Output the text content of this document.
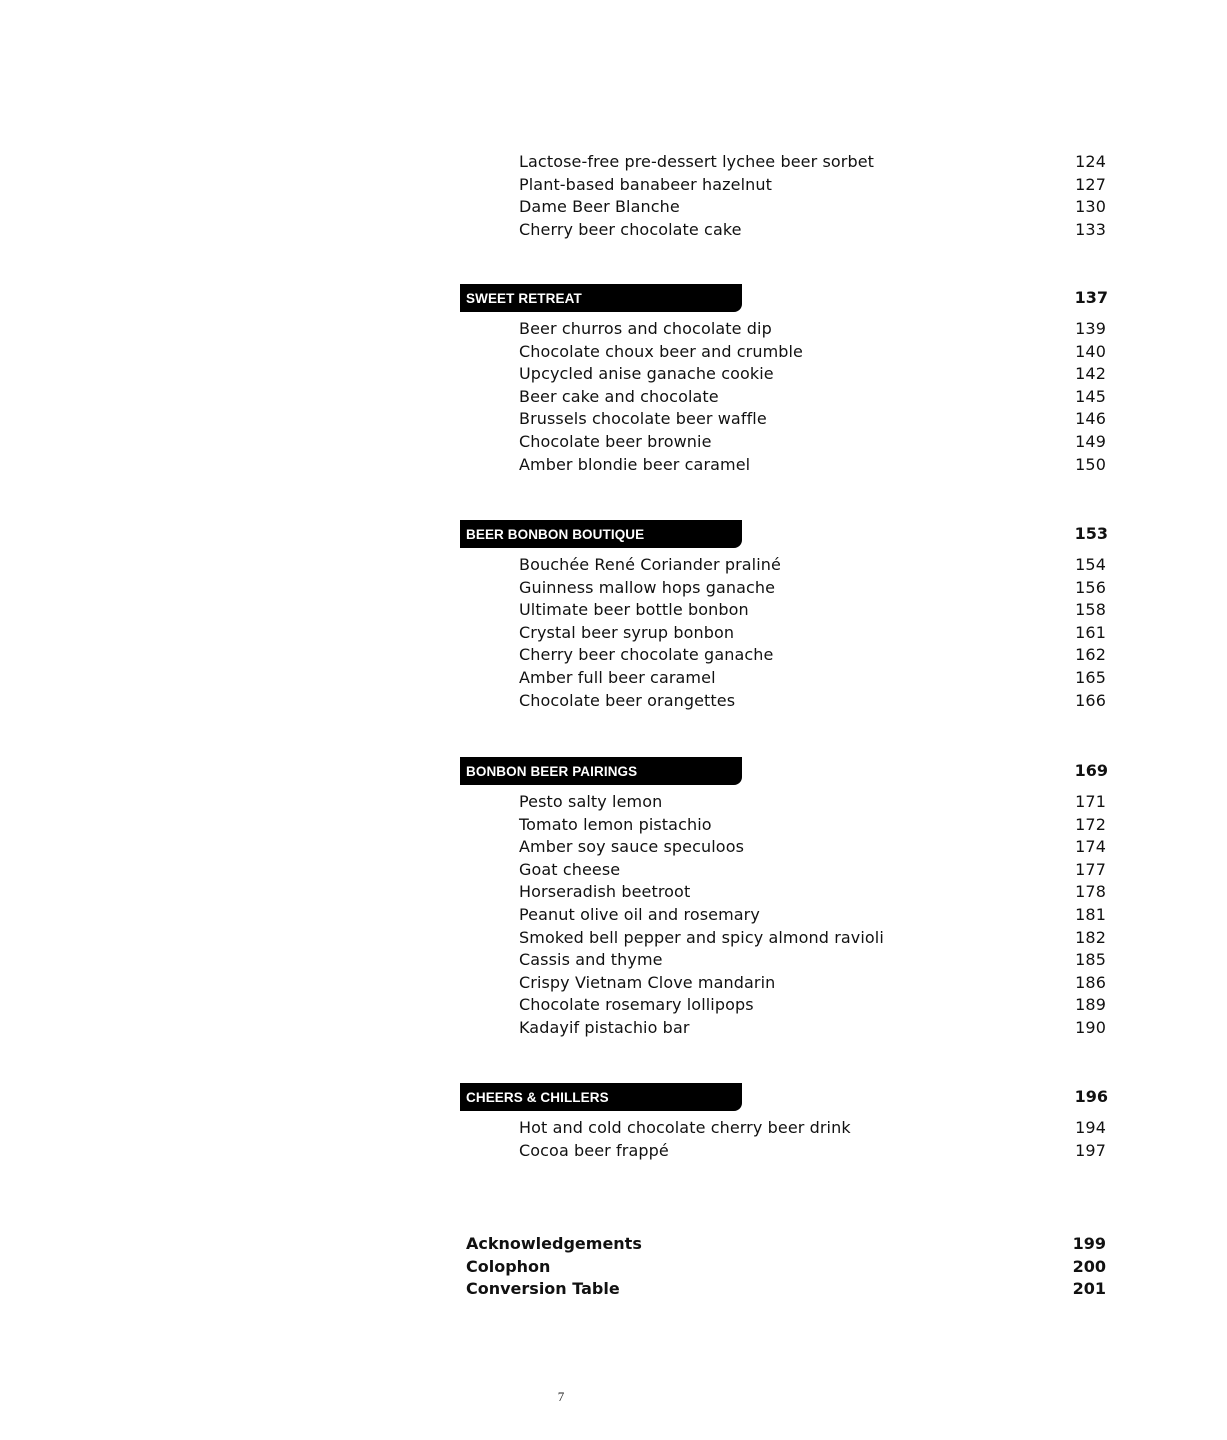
Lactose-free pre-dessert lychee beer sorbet	124
Plant-based banabeer hazelnut	127
Dame Beer Blanche	130
Cherry beer chocolate cake	133
SWEET RETREAT	137
Beer churros and chocolate dip	139
Chocolate choux beer and crumble	140
Upcycled anise ganache cookie	142
Beer cake and chocolate	145
Brussels chocolate beer waffle	146
Chocolate beer brownie	149
Amber blondie beer caramel	150
BEER BONBON BOUTIQUE	153
Bouchée René Coriander praliné	154
Guinness mallow hops ganache	156
Ultimate beer bottle bonbon	158
Crystal beer syrup bonbon	161
Cherry beer chocolate ganache	162
Amber full beer caramel	165
Chocolate beer orangettes	166
BONBON BEER PAIRINGS	169
Pesto salty lemon	171
Tomato lemon pistachio	172
Amber soy sauce speculoos	174
Goat cheese	177
Horseradish beetroot	178
Peanut olive oil and rosemary	181
Smoked bell pepper and spicy almond ravioli	182
Cassis and thyme	185
Crispy Vietnam Clove mandarin	186
Chocolate rosemary lollipops	189
Kadayif pistachio bar	190
CHEERS & CHILLERS	196
Hot and cold chocolate cherry beer drink	194
Cocoa beer frappé	197
Acknowledgements	199
Colophon	200
Conversion Table	201
7
